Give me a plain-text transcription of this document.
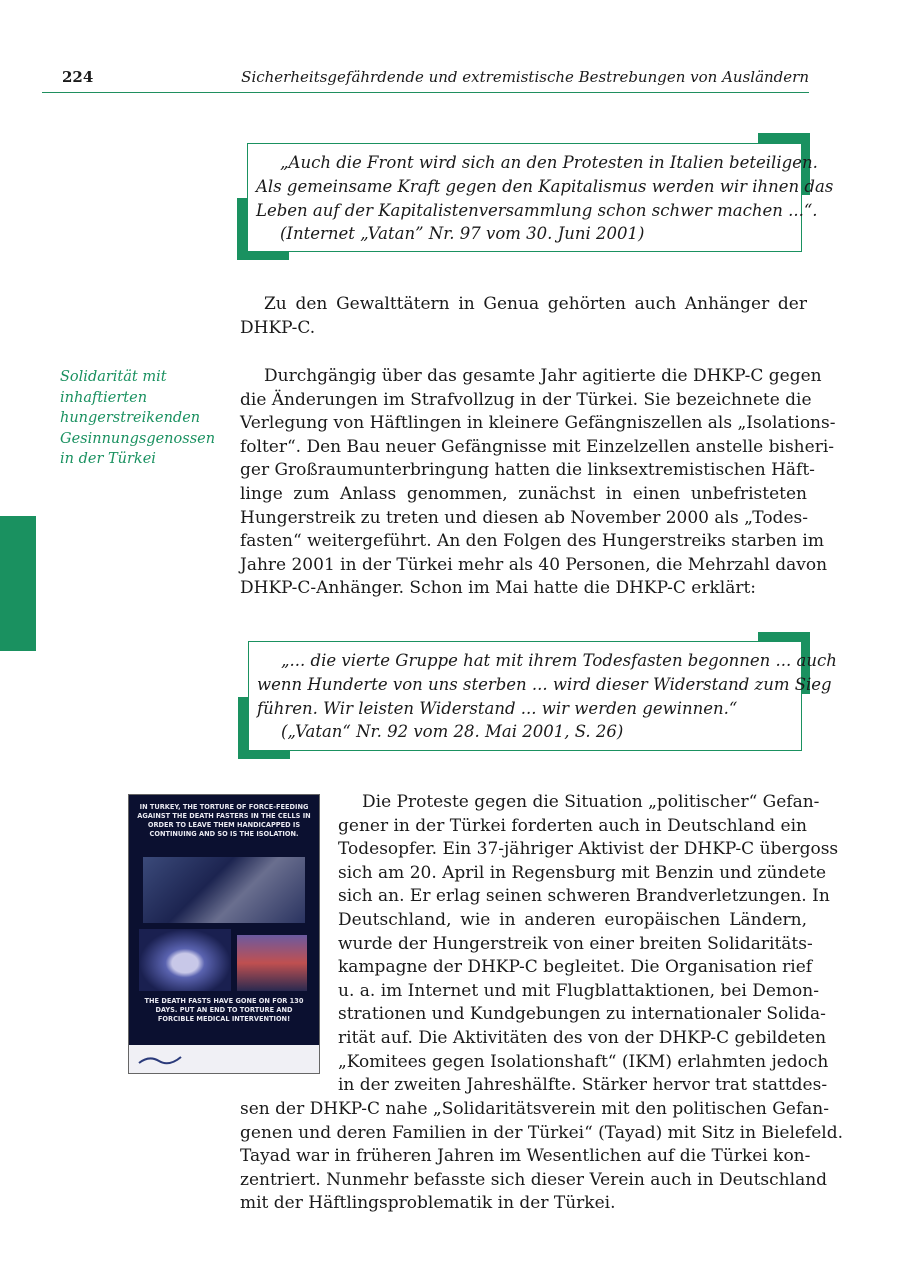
224	Sicherheitsgefährdende und extremistische Bestrebungen von Ausländern
Solidarität mit
inhaftierten
hungerstreikenden
Gesinnungsgenossen
in der Türkei
„Auch die Front wird sich an den Protesten in Italien beteiligen.
Als gemeinsame Kraft gegen den Kapitalismus werden wir ihnen das
Leben auf der Kapitalistenversammlung schon schwer machen ...“.
(Internet „Vatan” Nr. 97 vom 30. Juni 2001)
Zu den Gewalttätern in Genua gehörten auch Anhänger der
DHKP-C.
Durchgängig über das gesamte Jahr agitierte die DHKP-C gegen
die Änderungen im Strafvollzug in der Türkei. Sie bezeichnete die
Verlegung von Häftlingen in kleinere Gefängniszellen als „Isolations-
folter“. Den Bau neuer Gefängnisse mit Einzelzellen anstelle bisheri-
ger Großraumunterbringung hatten die linksextremistischen Häft-
linge zum Anlass genommen, zunächst in einen unbefristeten
Hungerstreik zu treten und diesen ab November 2000 als „Todes-
fasten“ weitergeführt. An den Folgen des Hungerstreiks starben im
Jahre 2001 in der Türkei mehr als 40 Personen, die Mehrzahl davon
DHKP-C-Anhänger. Schon im Mai hatte die DHKP-C erklärt:
„... die vierte Gruppe hat mit ihrem Todesfasten begonnen ... auch
wenn Hunderte von uns sterben ... wird dieser Widerstand zum Sieg
führen. Wir leisten Widerstand ... wir werden gewinnen.“
(„Vatan“ Nr. 92 vom 28. Mai 2001, S. 26)
IN TURKEY, THE TORTURE OF FORCE-FEEDING AGAINST THE DEATH FASTERS IN THE CELLS IN ORDER TO LEAVE THEM HANDICAPPED IS CONTINUING AND SO IS THE ISOLATION.
THE DEATH FASTS HAVE GONE ON FOR 130 DAYS. PUT AN END TO TORTURE AND FORCIBLE MEDICAL INTERVENTION!
Die Proteste gegen die Situation „politischer“ Gefan-
gener in der Türkei forderten auch in Deutschland ein
Todesopfer. Ein 37-jähriger Aktivist der DHKP-C übergoss
sich am 20. April in Regensburg mit Benzin und zündete
sich an. Er erlag seinen schweren Brandverletzungen. In
Deutschland, wie in anderen europäischen Ländern,
wurde der Hungerstreik von einer breiten Solidaritäts-
kampagne der DHKP-C begleitet. Die Organisation rief
u. a. im Internet und mit Flugblattaktionen, bei Demon-
strationen und Kundgebungen zu internationaler Solida-
rität auf. Die Aktivitäten des von der DHKP-C gebildeten
„Komitees gegen Isolationshaft“ (IKM) erlahmten jedoch
in der zweiten Jahreshälfte. Stärker hervor trat stattdes-
sen der DHKP-C nahe „Solidaritätsverein mit den politischen Gefan-
genen und deren Familien in der Türkei“ (Tayad) mit Sitz in Bielefeld.
Tayad war in früheren Jahren im Wesentlichen auf die Türkei kon-
zentriert. Nunmehr befasste sich dieser Verein auch in Deutschland
mit der Häftlingsproblematik in der Türkei.
